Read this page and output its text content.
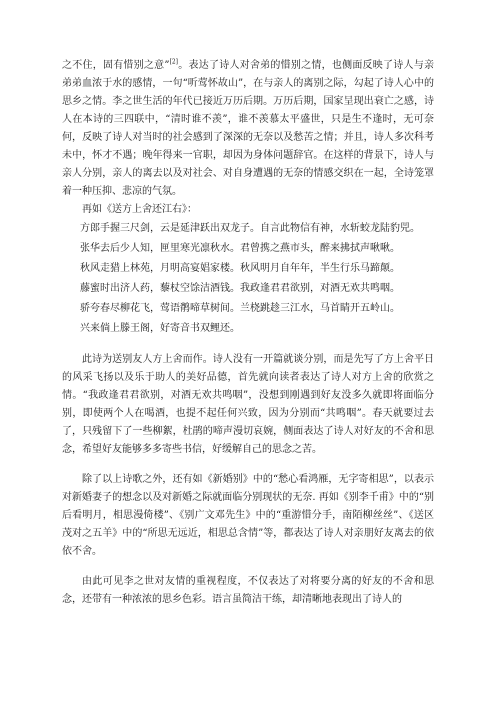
之不住，固有惜别之意”[2]。表达了诗人对舍弟的惜别之情，也侧面反映了诗人与亲弟弟血浓于水的感情，一句“听莺怀故山”，在与亲人的离别之际，勾起了诗人心中的思乡之情。李之世生活的年代已接近万历后期。万历后期，国家呈现出衰亡之感，诗人在本诗的三四联中，“清时谁不羡”，谁不羡慕太平盛世，只是生不逢时，无可奈何，反映了诗人对当时的社会感到了深深的无奈以及愁苦之情；并且，诗人多次科考未中，怀才不遇；晚年得来一官职，却因为身体问题辞官。在这样的背景下，诗人与亲人分别，亲人的离去以及对社会、对自身遭遇的无奈的情感交织在一起，全诗笼罩着一种压抑、悲凉的气氛。

再如《送方上舍还江右》：

方郎手握三尺剑，云是延津跃出双龙子。自言此物信有神，水斩蛟龙陆豹兕。
张华去后少人知，匣里寒光凛秋水。君曾携之燕市头，醉来拂拭声啾啾。
秋风走猎上林苑，月明高宴娼家楼。秋风明月自年年，半生行乐马蹄颠。
藤蜜时出济人药，藜杖空馀洁酒钱。我政逢君君欲别，对酒无欢共鸣咽。
骄夸春尽柳花飞，莺语鹡啼草树间。兰桡跳趁三江水，马首睛开五岭山。
兴来倘上滕王阁，好寄音书双鲤还。

此诗为送别友人方上舍而作。诗人没有一开篇就谈分别，而是先写了方上舍平日的风采飞扬以及乐于助人的美好品德，首先就向读者表达了诗人对方上舍的欣赏之情。“我政逢君君欲别，对酒无欢共鸣咽”，没想到刚遇到好友没多久就即将面临分别，即使两个人在喝酒，也提不起任何兴致，因为分别而“共鸣咽”。春天就要过去了，只残留下了一些柳絮，杜鹃的啼声漫切哀婉，侧面表达了诗人对好友的不舍和思念，希望好友能够多多寄些书信，好缓解自己的思念之苦。

除了以上诗歌之外，还有如《新婚别》中的“愁心看鸿雁，无字寄相思”，以表示对新婚妻子的想念以及对新婚之际就面临分别现状的无奈. 再如《别李千甫》中的“别后看明月，相思漫倚楼”、《别广文邓先生》中的“重游惜分手，南陌柳丝丝”、《送区茂对之五羊》中的“所思无远近，相思总含情”等，都表达了诗人对亲朋好友离去的依依不舍。

由此可见李之世对友情的重视程度，不仅表达了对将要分离的好友的不舍和思念，还带有一种浓浓的思乡色彩。语言虽简洁干练，却清晰地表现出了诗人的
